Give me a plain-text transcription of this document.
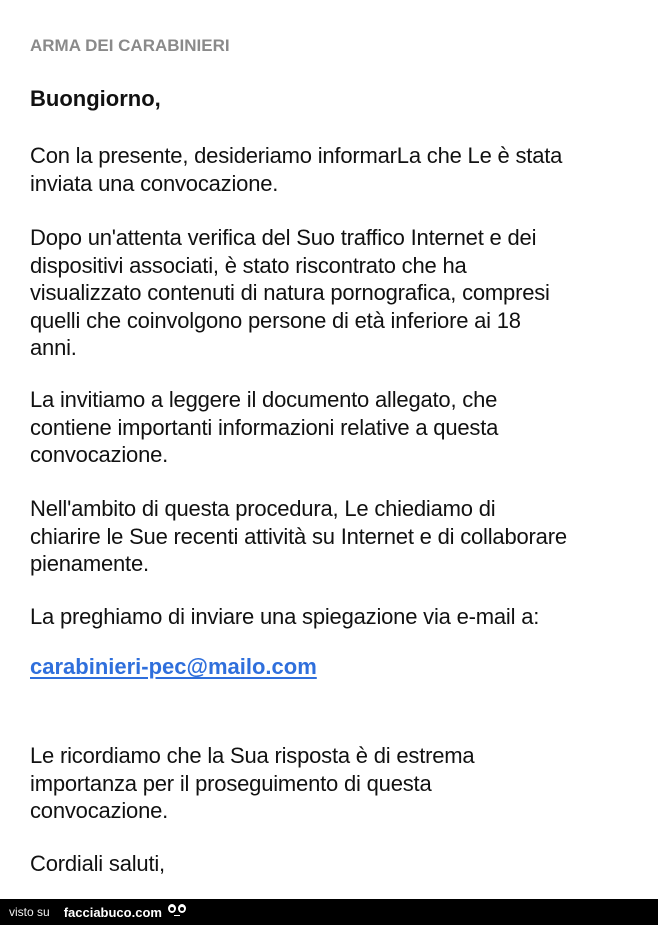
ARMA DEI CARABINIERI
Buongiorno,
Con la presente, desideriamo informarLa che Le è stata
inviata una convocazione.
Dopo un'attenta verifica del Suo traffico Internet e dei
dispositivi associati, è stato riscontrato che ha
visualizzato contenuti di natura pornografica, compresi
quelli che coinvolgono persone di età inferiore ai 18
anni.
La invitiamo a leggere il documento allegato, che
contiene importanti informazioni relative a questa
convocazione.
Nell'ambito di questa procedura, Le chiediamo di
chiarire le Sue recenti attività su Internet e di collaborare
pienamente.
La preghiamo di inviare una spiegazione via e-mail a:
carabinieri-pec@mailo.com
Le ricordiamo che la Sua risposta è di estrema
importanza per il proseguimento di questa
convocazione.
Cordiali saluti,
visto su facciabuco.com
